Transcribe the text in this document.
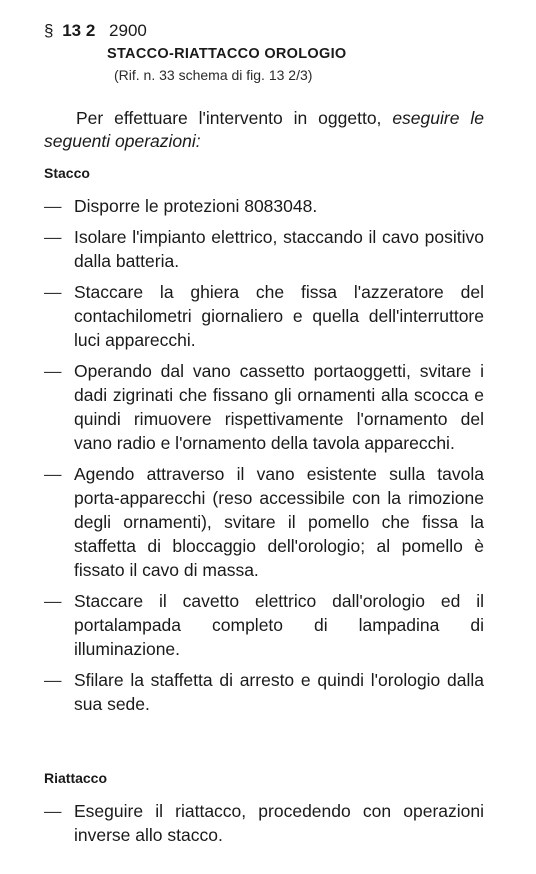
§ 13 2 2900
STACCO-RIATTACCO OROLOGIO
(Rif. n. 33 schema di fig. 13 2/3)

Per effettuare l'intervento in oggetto, eseguire le seguenti operazioni:

Stacco
— Disporre le protezioni 8083048.
— Isolare l'impianto elettrico, staccando il cavo positivo dalla batteria.
— Staccare la ghiera che fissa l'azzeratore del contachilometri giornaliero e quella dell'interruttore luci apparecchi.
— Operando dal vano cassetto portaoggetti, svitare i dadi zigrinati che fissano gli ornamenti alla scocca e quindi rimuovere rispettivamente l'ornamento del vano radio e l'ornamento della tavola apparecchi.
— Agendo attraverso il vano esistente sulla tavola porta-apparecchi (reso accessibile con la rimozione degli ornamenti), svitare il pomello che fissa la staffetta di bloccaggio dell'orologio; al pomello è fissato il cavo di massa.
— Staccare il cavetto elettrico dall'orologio ed il portalampada completo di lampadina di illuminazione.
— Sfilare la staffetta di arresto e quindi l'orologio dalla sua sede.
Riattacco
— Eseguire il riattacco, procedendo con operazioni inverse allo stacco.
